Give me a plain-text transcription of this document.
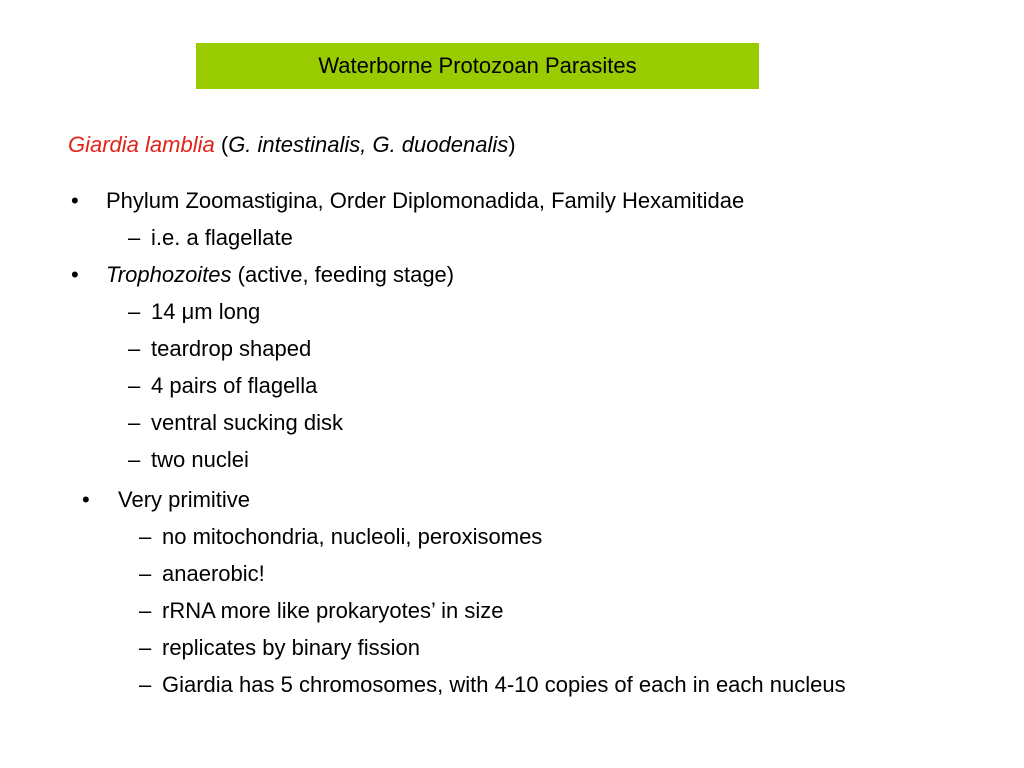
Waterborne Protozoan Parasites
Giardia lamblia (G. intestinalis, G. duodenalis)
• Phylum Zoomastigina, Order Diplomonadida, Family Hexamitidae
– i.e. a flagellate
• Trophozoites (active, feeding stage)
– 14 μm long
– teardrop shaped
– 4 pairs of flagella
– ventral sucking disk
– two nuclei
• Very primitive
– no mitochondria, nucleoli, peroxisomes
– anaerobic!
– rRNA more like prokaryotes’ in size
– replicates by binary fission
– Giardia has 5 chromosomes, with 4-10 copies of each in each nucleus
